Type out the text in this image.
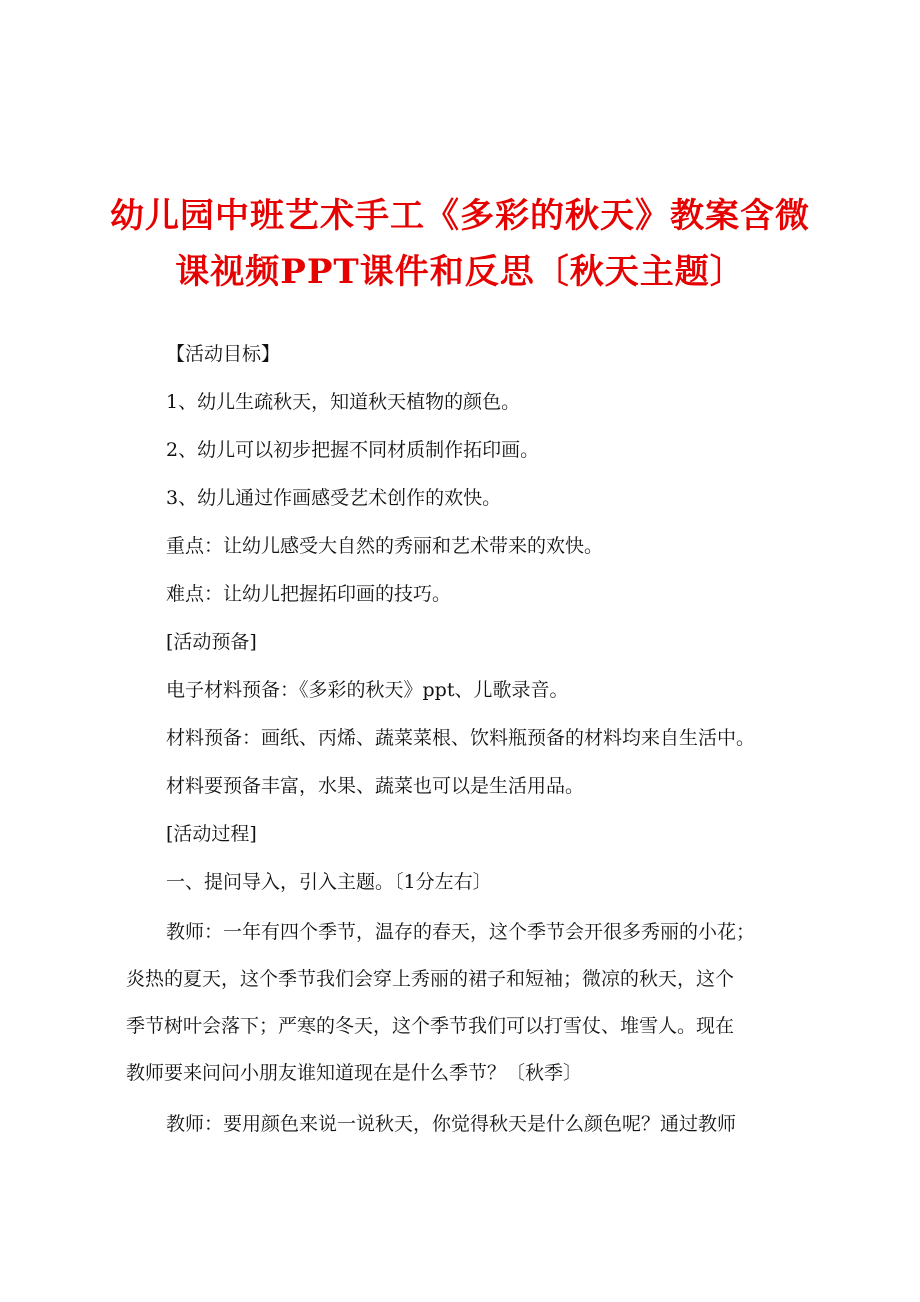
幼儿园中班艺术手工《多彩的秋天》教案含微
课视频PPT课件和反思〔秋天主题〕
【活动目标】
1、幼儿生疏秋天，知道秋天植物的颜色。
2、幼儿可以初步把握不同材质制作拓印画。
3、幼儿通过作画感受艺术创作的欢快。
重点：让幼儿感受大自然的秀丽和艺术带来的欢快。
难点：让幼儿把握拓印画的技巧。
[活动预备]
电子材料预备：《多彩的秋天》ppt、儿歌录音。
材料预备：画纸、丙烯、蔬菜菜根、饮料瓶预备的材料均来自生活中。
材料要预备丰富，水果、蔬菜也可以是生活用品。
[活动过程]
一、提问导入，引入主题。〔1分左右〕
教师：一年有四个季节，温存的春天，这个季节会开很多秀丽的小花；
炎热的夏天，这个季节我们会穿上秀丽的裙子和短袖；微凉的秋天，这个
季节树叶会落下；严寒的冬天，这个季节我们可以打雪仗、堆雪人。现在
教师要来问问小朋友谁知道现在是什么季节？〔秋季〕
教师：要用颜色来说一说秋天，你觉得秋天是什么颜色呢？通过教师
